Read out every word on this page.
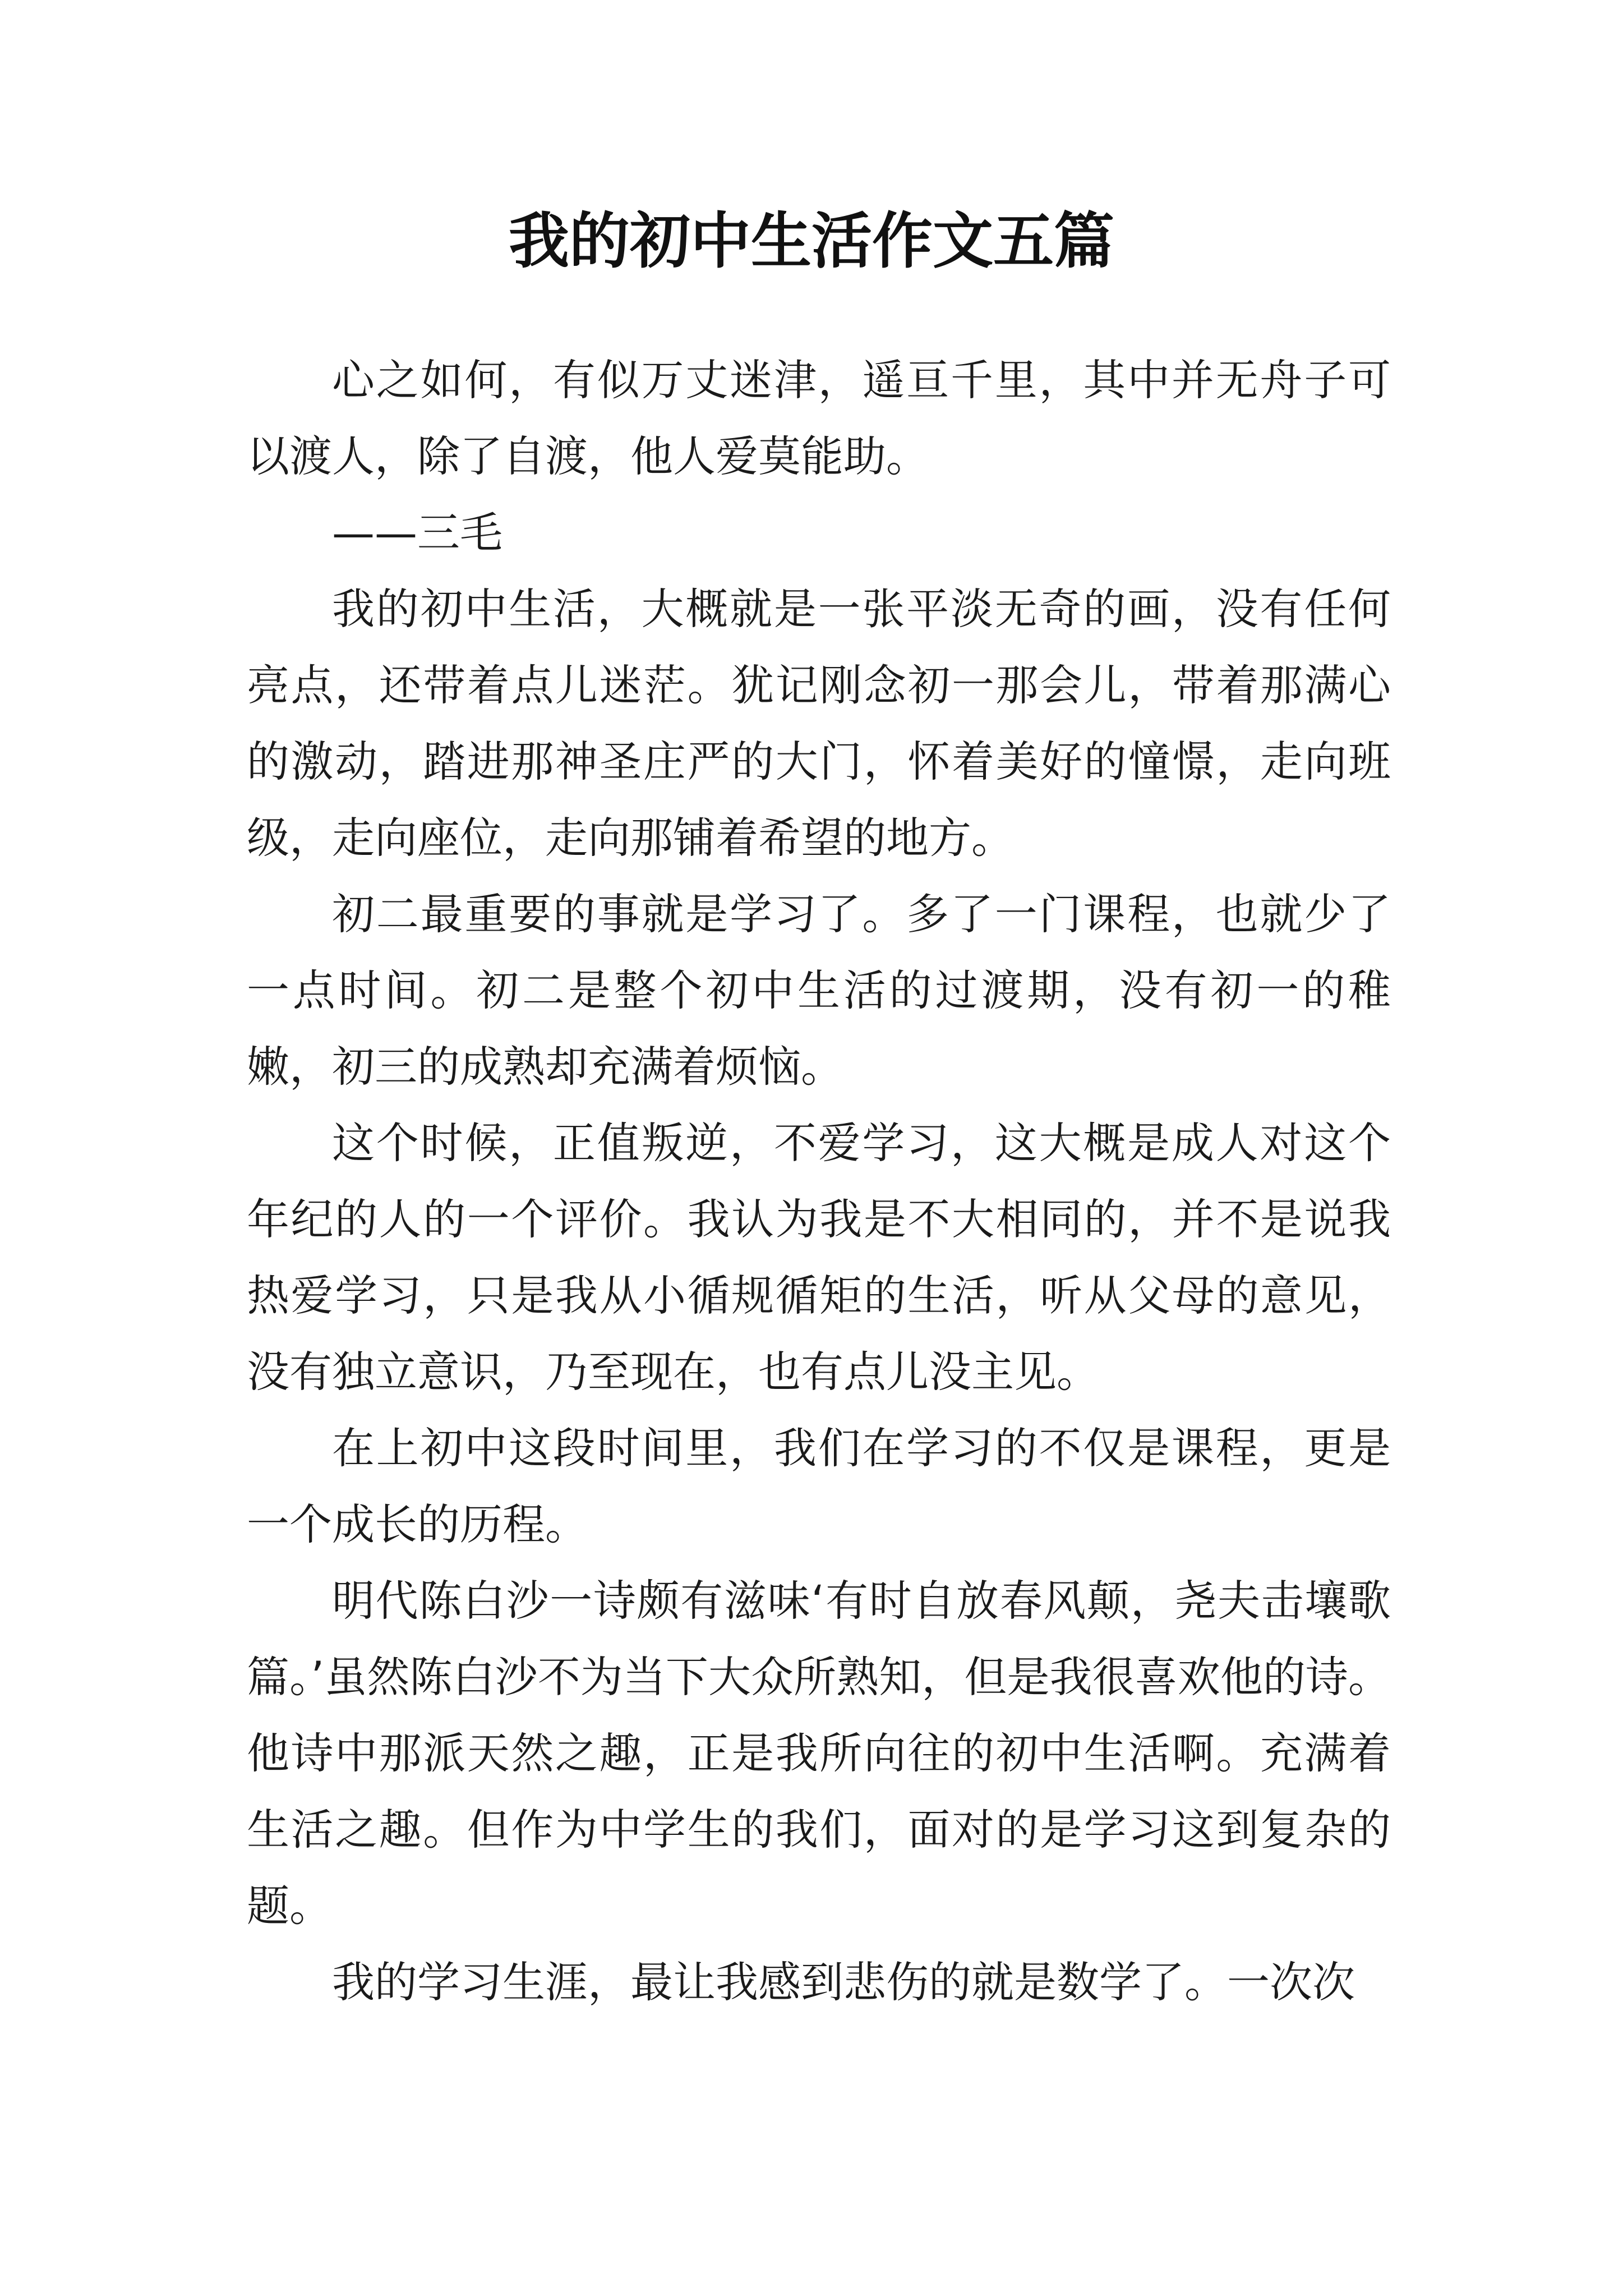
我的初中生活作文五篇

心之如何，有似万丈迷津，遥亘千里，其中并无舟子可以渡人，除了自渡，他人爱莫能助。

——三毛

我的初中生活，大概就是一张平淡无奇的画，没有任何亮点，还带着点儿迷茫。犹记刚念初一那会儿，带着那满心的激动，踏进那神圣庄严的大门，怀着美好的憧憬，走向班级，走向座位，走向那铺着希望的地方。

初二最重要的事就是学习了。多了一门课程，也就少了一点时间。初二是整个初中生活的过渡期，没有初一的稚嫩，初三的成熟却充满着烦恼。

这个时候，正值叛逆，不爱学习，这大概是成人对这个年纪的人的一个评价。我认为我是不大相同的，并不是说我热爱学习，只是我从小循规循矩的生活，听从父母的意见，没有独立意识，乃至现在，也有点儿没主见。

在上初中这段时间里，我们在学习的不仅是课程，更是一个成长的历程。

明代陈白沙一诗颇有滋味‘有时自放春风颠，尧夫击壤歌篇。’虽然陈白沙不为当下大众所熟知，但是我很喜欢他的诗。他诗中那派天然之趣，正是我所向往的初中生活啊。充满着生活之趣。但作为中学生的我们，面对的是学习这到复杂的题。

我的学习生涯，最让我感到悲伤的就是数学了。一次次
